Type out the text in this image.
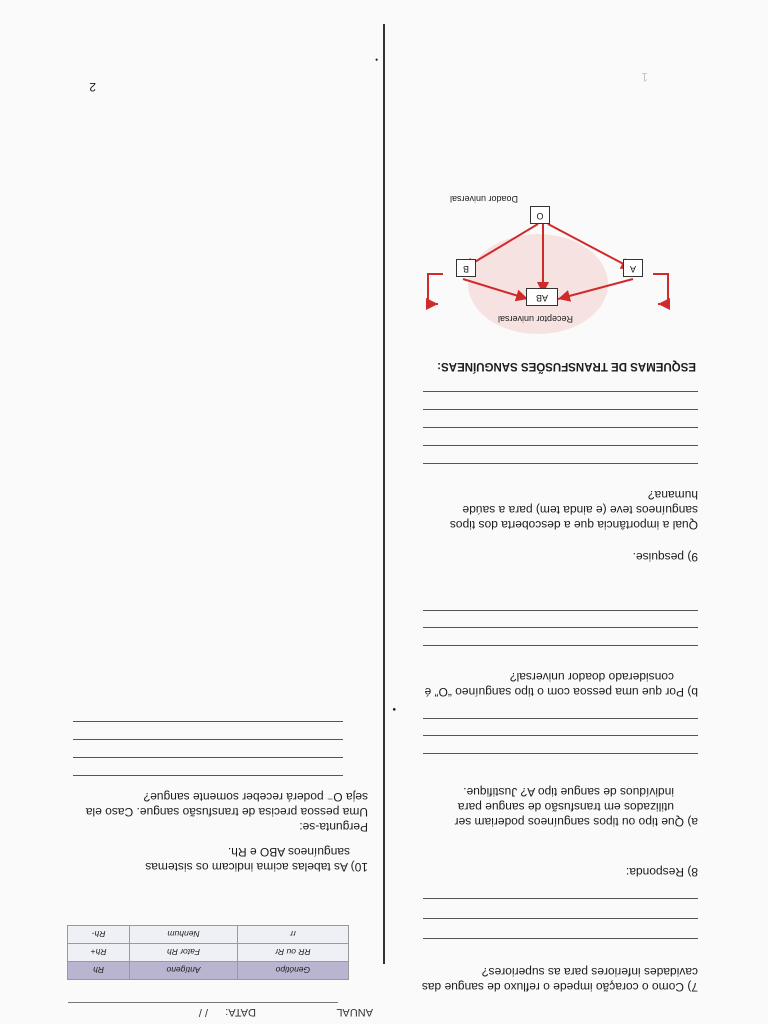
DATA:
/ /	ANUAL
Genótipo	Antígeno	Rh
RR ou Rr	Fator Rh	Rh+
rr	Nenhum	Rh-
7) Como o coração impede o refluxo de sangue das
cavidades inferiores para as superiores?
8) Responda:
a) Que tipo ou tipos sanguíneos poderiam ser
utilizados em transfusão de sangue para
indivíduos de sangue tipo A? Justifique.
b) Por que uma pessoa com o tipo sanguíneo “O” é
considerado doador universal?
9) pesquise.
Qual a importância que a descoberta dos tipos
sanguíneos teve (e ainda tem) para a saúde
humana?
ESQUEMAS DE TRANSFUSÕES SANGUÍNEAS:
AB
A
B
O
Receptor universal
Doador universal
10) As tabelas acima indicam os sistemas
sanguíneos ABO e Rh.
Pergunta-se:
Uma pessoa precisa de transfusão sangue. Caso ela
seja O⁻ poderá receber somente sangue?
2
1
•
•
